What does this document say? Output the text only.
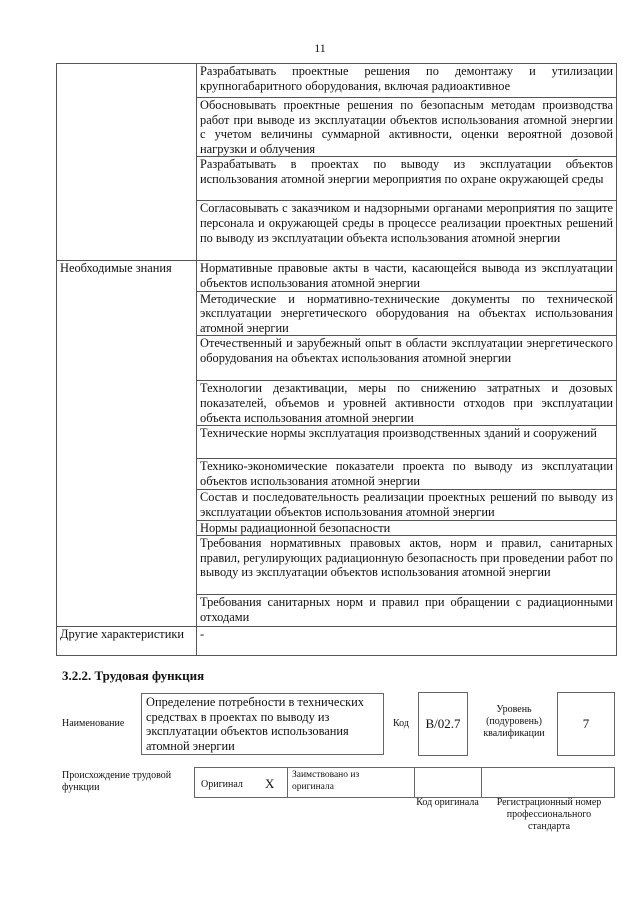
11
	Разрабатывать проектные решения по демонтажу и утилизации крупногабаритного оборудования, включая радиоактивное
	Обосновывать проектные решения по безопасным методам производства работ при выводе из эксплуатации объектов использования атомной энергии с учетом величины суммарной активности, оценки вероятной дозовой нагрузки и облучения
	Разрабатывать в проектах по выводу из эксплуатации объектов использования атомной энергии мероприятия по охране окружающей среды
	Согласовывать с заказчиком и надзорными органами мероприятия по защите персонала и окружающей среды в процессе реализации проектных решений по выводу из эксплуатации объекта использования атомной энергии
Необходимые знания	Нормативные правовые акты в части, касающейся вывода из эксплуатации объектов использования атомной энергии
	Методические и нормативно-технические документы по технической эксплуатации энергетического оборудования на объектах использования атомной энергии
	Отечественный и зарубежный опыт в области эксплуатации энергетического оборудования на объектах использования атомной энергии
	Технологии дезактивации, меры по снижению затратных и дозовых показателей, объемов и уровней активности отходов при эксплуатации объекта использования атомной энергии
	Технические нормы эксплуатация производственных зданий и сооружений
	Технико-экономические показатели проекта по выводу из эксплуатации объектов использования атомной энергии
	Состав и последовательность реализации проектных решений по выводу из эксплуатации объектов использования атомной энергии
	Нормы радиационной безопасности
	Требования нормативных правовых актов, норм и правил, санитарных правил, регулирующих радиационную безопасность при проведении работ по выводу из эксплуатации объектов использования атомной энергии
	Требования санитарных норм и правил при обращении с радиационными отходами
Другие характеристики	-
3.2.2. Трудовая функция
Наименование
Определение потребности в технических средствах в проектах по выводу из эксплуатации объектов использования атомной энергии
Код	B/02.7
Уровень (подуровень) квалификации
7
Происхождение трудовой функции	Оригинал X
Заимствовано из оригинала
Код оригинала	Регистрационный номер профессионального стандарта
